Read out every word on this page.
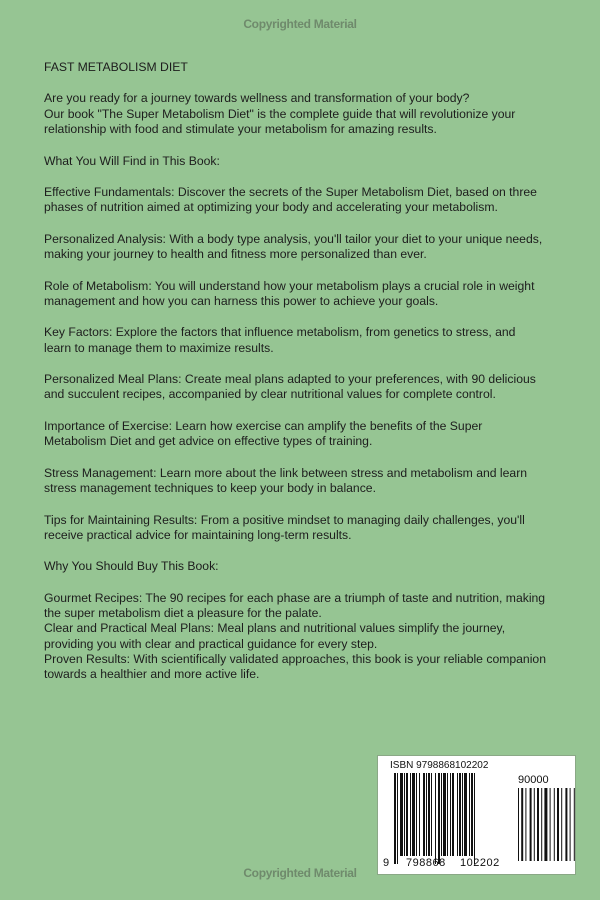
Copyrighted Material
FAST METABOLISM DIET
Are you ready for a journey towards wellness and transformation of your body?
Our book "The Super Metabolism Diet" is the complete guide that will revolutionize your
relationship with food and stimulate your metabolism for amazing results.
What You Will Find in This Book:
Effective Fundamentals: Discover the secrets of the Super Metabolism Diet, based on three
phases of nutrition aimed at optimizing your body and accelerating your metabolism.
Personalized Analysis: With a body type analysis, you'll tailor your diet to your unique needs,
making your journey to health and fitness more personalized than ever.
Role of Metabolism: You will understand how your metabolism plays a crucial role in weight
management and how you can harness this power to achieve your goals.
Key Factors: Explore the factors that influence metabolism, from genetics to stress, and
learn to manage them to maximize results.
Personalized Meal Plans: Create meal plans adapted to your preferences, with 90 delicious
and succulent recipes, accompanied by clear nutritional values for complete control.
Importance of Exercise: Learn how exercise can amplify the benefits of the Super
Metabolism Diet and get advice on effective types of training.
Stress Management: Learn more about the link between stress and metabolism and learn
stress management techniques to keep your body in balance.
Tips for Maintaining Results: From a positive mindset to managing daily challenges, you'll
receive practical advice for maintaining long-term results.
Why You Should Buy This Book:
Gourmet Recipes: The 90 recipes for each phase are a triumph of taste and nutrition, making
the super metabolism diet a pleasure for the palate.
Clear and Practical Meal Plans: Meal plans and nutritional values simplify the journey,
providing you with clear and practical guidance for every step.
Proven Results: With scientifically validated approaches, this book is your reliable companion
towards a healthier and more active life.
ISBN 9798868102202
90000
9 798868 102202
Copyrighted Material
